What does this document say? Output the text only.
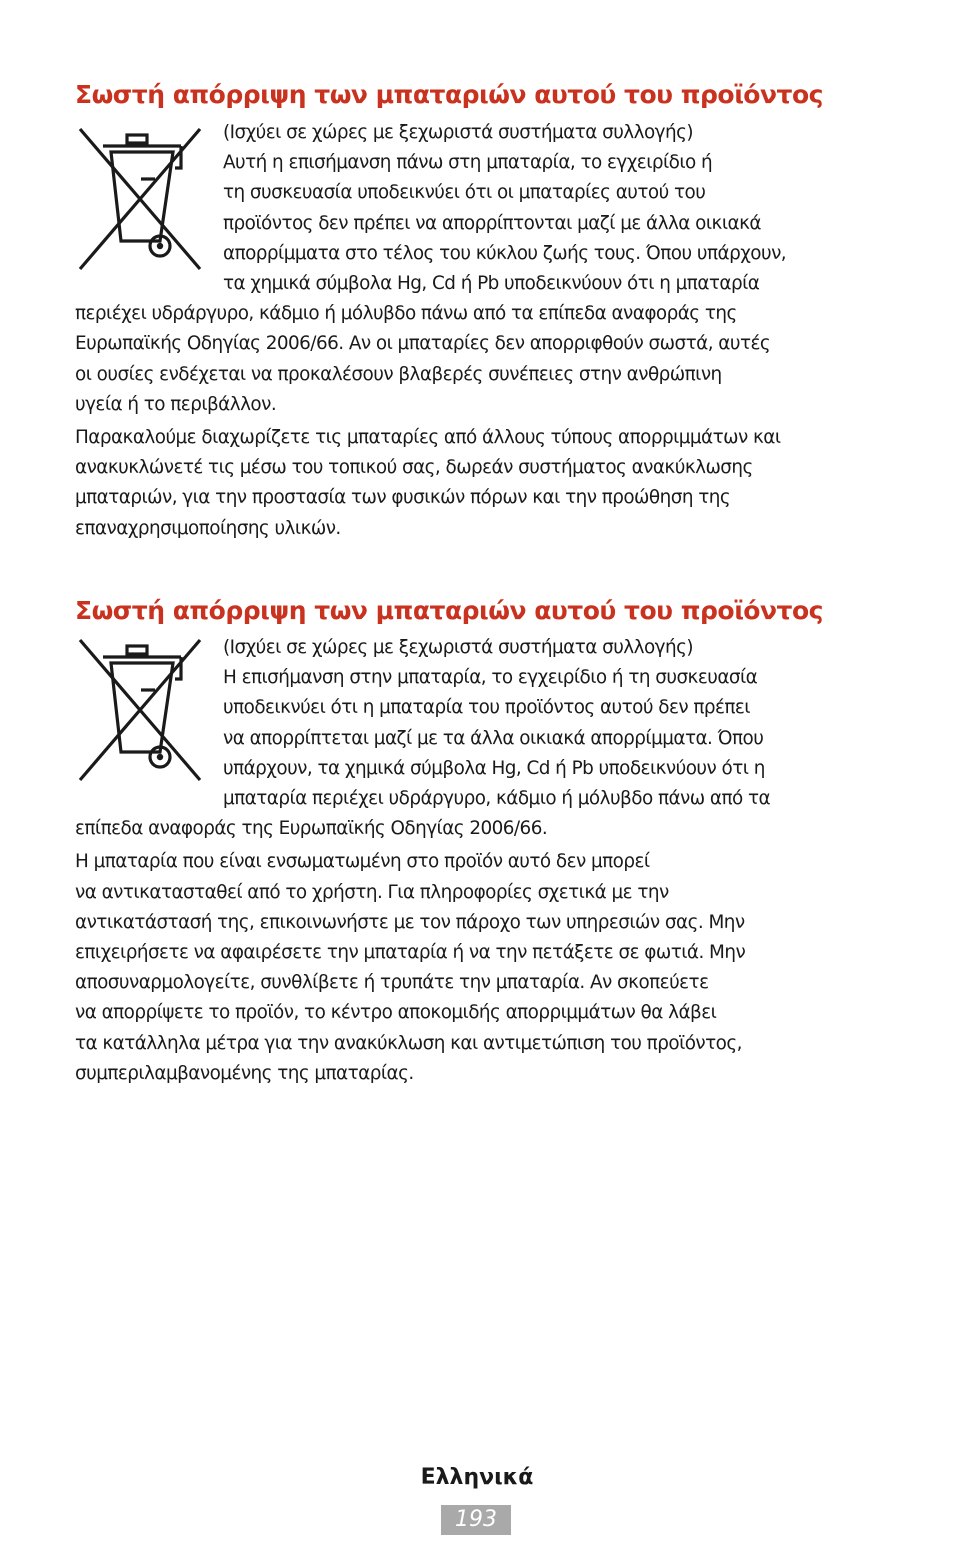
Σωστή απόρριψη των μπαταριών αυτού του προϊόντος
(Ισχύει σε χώρες με ξεχωριστά συστήματα συλλογής)
Αυτή η επισήμανση πάνω στη μπαταρία, το εγχειρίδιο ή
τη συσκευασία υποδεικνύει ότι οι μπαταρίες αυτού του
προϊόντος δεν πρέπει να απορρίπτονται μαζί με άλλα οικιακά
απορρίμματα στο τέλος του κύκλου ζωής τους. Όπου υπάρχουν,
τα χημικά σύμβολα Hg, Cd ή Pb υποδεικνύουν ότι η μπαταρία
περιέχει υδράργυρο, κάδμιο ή μόλυβδο πάνω από τα επίπεδα αναφοράς της
Ευρωπαϊκής Οδηγίας 2006/66. Αν οι μπαταρίες δεν απορριφθούν σωστά, αυτές
οι ουσίες ενδέχεται να προκαλέσουν βλαβερές συνέπειες στην ανθρώπινη
υγεία ή το περιβάλλον.
Παρακαλούμε διαχωρίζετε τις μπαταρίες από άλλους τύπους απορριμμάτων και
ανακυκλώνετέ τις μέσω του τοπικού σας, δωρεάν συστήματος ανακύκλωσης
μπαταριών, για την προστασία των φυσικών πόρων και την προώθηση της
επαναχρησιμοποίησης υλικών.
Σωστή απόρριψη των μπαταριών αυτού του προϊόντος
(Ισχύει σε χώρες με ξεχωριστά συστήματα συλλογής)
Η επισήμανση στην μπαταρία, το εγχειρίδιο ή τη συσκευασία
υποδεικνύει ότι η μπαταρία του προϊόντος αυτού δεν πρέπει
να απορρίπτεται μαζί με τα άλλα οικιακά απορρίμματα. Όπου
υπάρχουν, τα χημικά σύμβολα Hg, Cd ή Pb υποδεικνύουν ότι η
μπαταρία περιέχει υδράργυρο, κάδμιο ή μόλυβδο πάνω από τα
επίπεδα αναφοράς της Ευρωπαϊκής Οδηγίας 2006/66.
Η μπαταρία που είναι ενσωματωμένη στο προϊόν αυτό δεν μπορεί
να αντικατασταθεί από το χρήστη. Για πληροφορίες σχετικά με την
αντικατάστασή της, επικοινωνήστε με τον πάροχο των υπηρεσιών σας. Μην
επιχειρήσετε να αφαιρέσετε την μπαταρία ή να την πετάξετε σε φωτιά. Μην
αποσυναρμολογείτε, συνθλίβετε ή τρυπάτε την μπαταρία. Αν σκοπεύετε
να απορρίψετε το προϊόν, το κέντρο αποκομιδής απορριμμάτων θα λάβει
τα κατάλληλα μέτρα για την ανακύκλωση και αντιμετώπιση του προϊόντος,
συμπεριλαμβανομένης της μπαταρίας.
Ελληνικά
193
